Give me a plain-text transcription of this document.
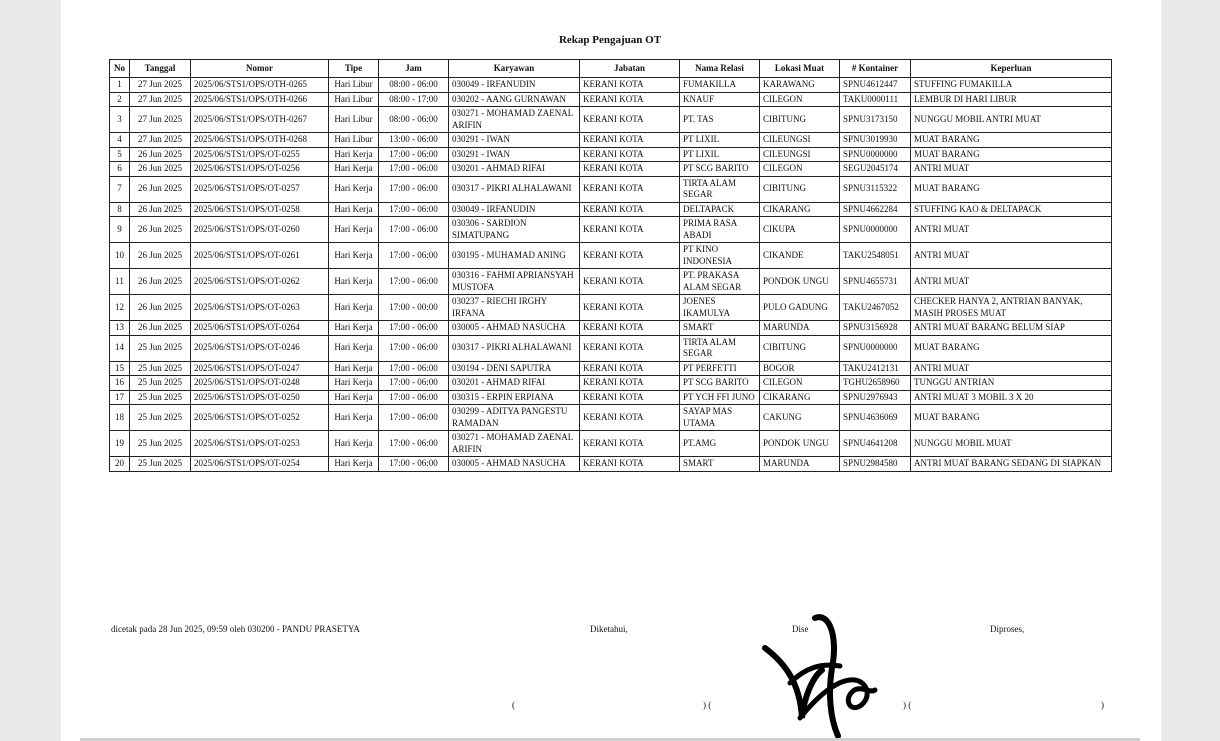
Rekap Pengajuan OT
No	Tanggal	Nomor	Tipe	Jam	Karyawan	Jabatan	Nama Relasi	Lokasi Muat	# Kontainer	Keperluan
1	27 Jun 2025	2025/06/STS1/OPS/OTH-0265	Hari Libur	08:00 - 06:00	030049 - IRFANUDIN	KERANI KOTA	FUMAKILLA	KARAWANG	SPNU4612447	STUFFING FUMAKILLA
2	27 Jun 2025	2025/06/STS1/OPS/OTH-0266	Hari Libur	08:00 - 17:00	030202 - AANG GURNAWAN	KERANI KOTA	KNAUF	CILEGON	TAKU0000111	LEMBUR DI HARI LIBUR
3	27 Jun 2025	2025/06/STS1/OPS/OTH-0267	Hari Libur	08:00 - 06:00	030271 - MOHAMAD ZAENAL ARIFIN	KERANI KOTA	PT. TAS	CIBITUNG	SPNU3173150	NUNGGU MOBIL ANTRI MUAT
4	27 Jun 2025	2025/06/STS1/OPS/OTH-0268	Hari Libur	13:00 - 06:00	030291 - IWAN	KERANI KOTA	PT LIXIL	CILEUNGSI	SPNU3019930	MUAT BARANG
5	26 Jun 2025	2025/06/STS1/OPS/OT-0255	Hari Kerja	17:00 - 06:00	030291 - IWAN	KERANI KOTA	PT LIXIL	CILEUNGSI	SPNU0000000	MUAT BARANG
6	26 Jun 2025	2025/06/STS1/OPS/OT-0256	Hari Kerja	17:00 - 06:00	030201 - AHMAD RIFAI	KERANI KOTA	PT SCG BARITO	CILEGON	SEGU2045174	ANTRI MUAT
7	26 Jun 2025	2025/06/STS1/OPS/OT-0257	Hari Kerja	17:00 - 06:00	030317 - PIKRI ALHALAWANI	KERANI KOTA	TIRTA ALAM SEGAR	CIBITUNG	SPNU3115322	MUAT BARANG
8	26 Jun 2025	2025/06/STS1/OPS/OT-0258	Hari Kerja	17:00 - 06:00	030049 - IRFANUDIN	KERANI KOTA	DELTAPACK	CIKARANG	SPNU4662284	STUFFING KAO & DELTAPACK
9	26 Jun 2025	2025/06/STS1/OPS/OT-0260	Hari Kerja	17:00 - 06:00	030306 - SARDION SIMATUPANG	KERANI KOTA	PRIMA RASA ABADI	CIKUPA	SPNU0000000	ANTRI MUAT
10	26 Jun 2025	2025/06/STS1/OPS/OT-0261	Hari Kerja	17:00 - 06:00	030195 - MUHAMAD ANING	KERANI KOTA	PT KINO INDONESIA	CIKANDE	TAKU2548051	ANTRI MUAT
11	26 Jun 2025	2025/06/STS1/OPS/OT-0262	Hari Kerja	17:00 - 06:00	030316 - FAHMI APRIANSYAH MUSTOFA	KERANI KOTA	PT. PRAKASA ALAM SEGAR	PONDOK UNGU	SPNU4655731	ANTRI MUAT
12	26 Jun 2025	2025/06/STS1/OPS/OT-0263	Hari Kerja	17:00 - 00:00	030237 - RIECHI IRGHY IRFANA	KERANI KOTA	JOENES IKAMULYA	PULO GADUNG	TAKU2467052	CHECKER HANYA 2, ANTRIAN BANYAK, MASIH PROSES MUAT
13	26 Jun 2025	2025/06/STS1/OPS/OT-0264	Hari Kerja	17:00 - 06:00	030005 - AHMAD NASUCHA	KERANI KOTA	SMART	MARUNDA	SPNU3156928	ANTRI MUAT BARANG BELUM SIAP
14	25 Jun 2025	2025/06/STS1/OPS/OT-0246	Hari Kerja	17:00 - 06:00	030317 - PIKRI ALHALAWANI	KERANI KOTA	TIRTA ALAM SEGAR	CIBITUNG	SPNU0000000	MUAT BARANG
15	25 Jun 2025	2025/06/STS1/OPS/OT-0247	Hari Kerja	17:00 - 06:00	030194 - DENI SAPUTRA	KERANI KOTA	PT PERFETTI	BOGOR	TAKU2412131	ANTRI MUAT
16	25 Jun 2025	2025/06/STS1/OPS/OT-0248	Hari Kerja	17:00 - 06:00	030201 - AHMAD RIFAI	KERANI KOTA	PT SCG BARITO	CILEGON	TGHU2658960	TUNGGU ANTRIAN
17	25 Jun 2025	2025/06/STS1/OPS/OT-0250	Hari Kerja	17:00 - 06:00	030315 - ERPIN ERPIANA	KERANI KOTA	PT YCH FFI JUNO	CIKARANG	SPNU2976943	ANTRI MUAT 3 MOBIL 3 X 20
18	25 Jun 2025	2025/06/STS1/OPS/OT-0252	Hari Kerja	17:00 - 06:00	030299 - ADITYA PANGESTU RAMADAN	KERANI KOTA	SAYAP MAS UTAMA	CAKUNG	SPNU4636069	MUAT BARANG
19	25 Jun 2025	2025/06/STS1/OPS/OT-0253	Hari Kerja	17:00 - 06:00	030271 - MOHAMAD ZAENAL ARIFIN	KERANI KOTA	PT.AMG	PONDOK UNGU	SPNU4641208	NUNGGU MOBIL MUAT
20	25 Jun 2025	2025/06/STS1/OPS/OT-0254	Hari Kerja	17:00 - 06:00	030005 - AHMAD NASUCHA	KERANI KOTA	SMART	MARUNDA	SPNU2984580	ANTRI MUAT BARANG SEDANG DI SIAPKAN
dicetak pada 28 Jun 2025, 09:59 oleh 030200 - PANDU PRASETYA	Diketahui,	Dise	Diproses,
(	) (	) (	)
